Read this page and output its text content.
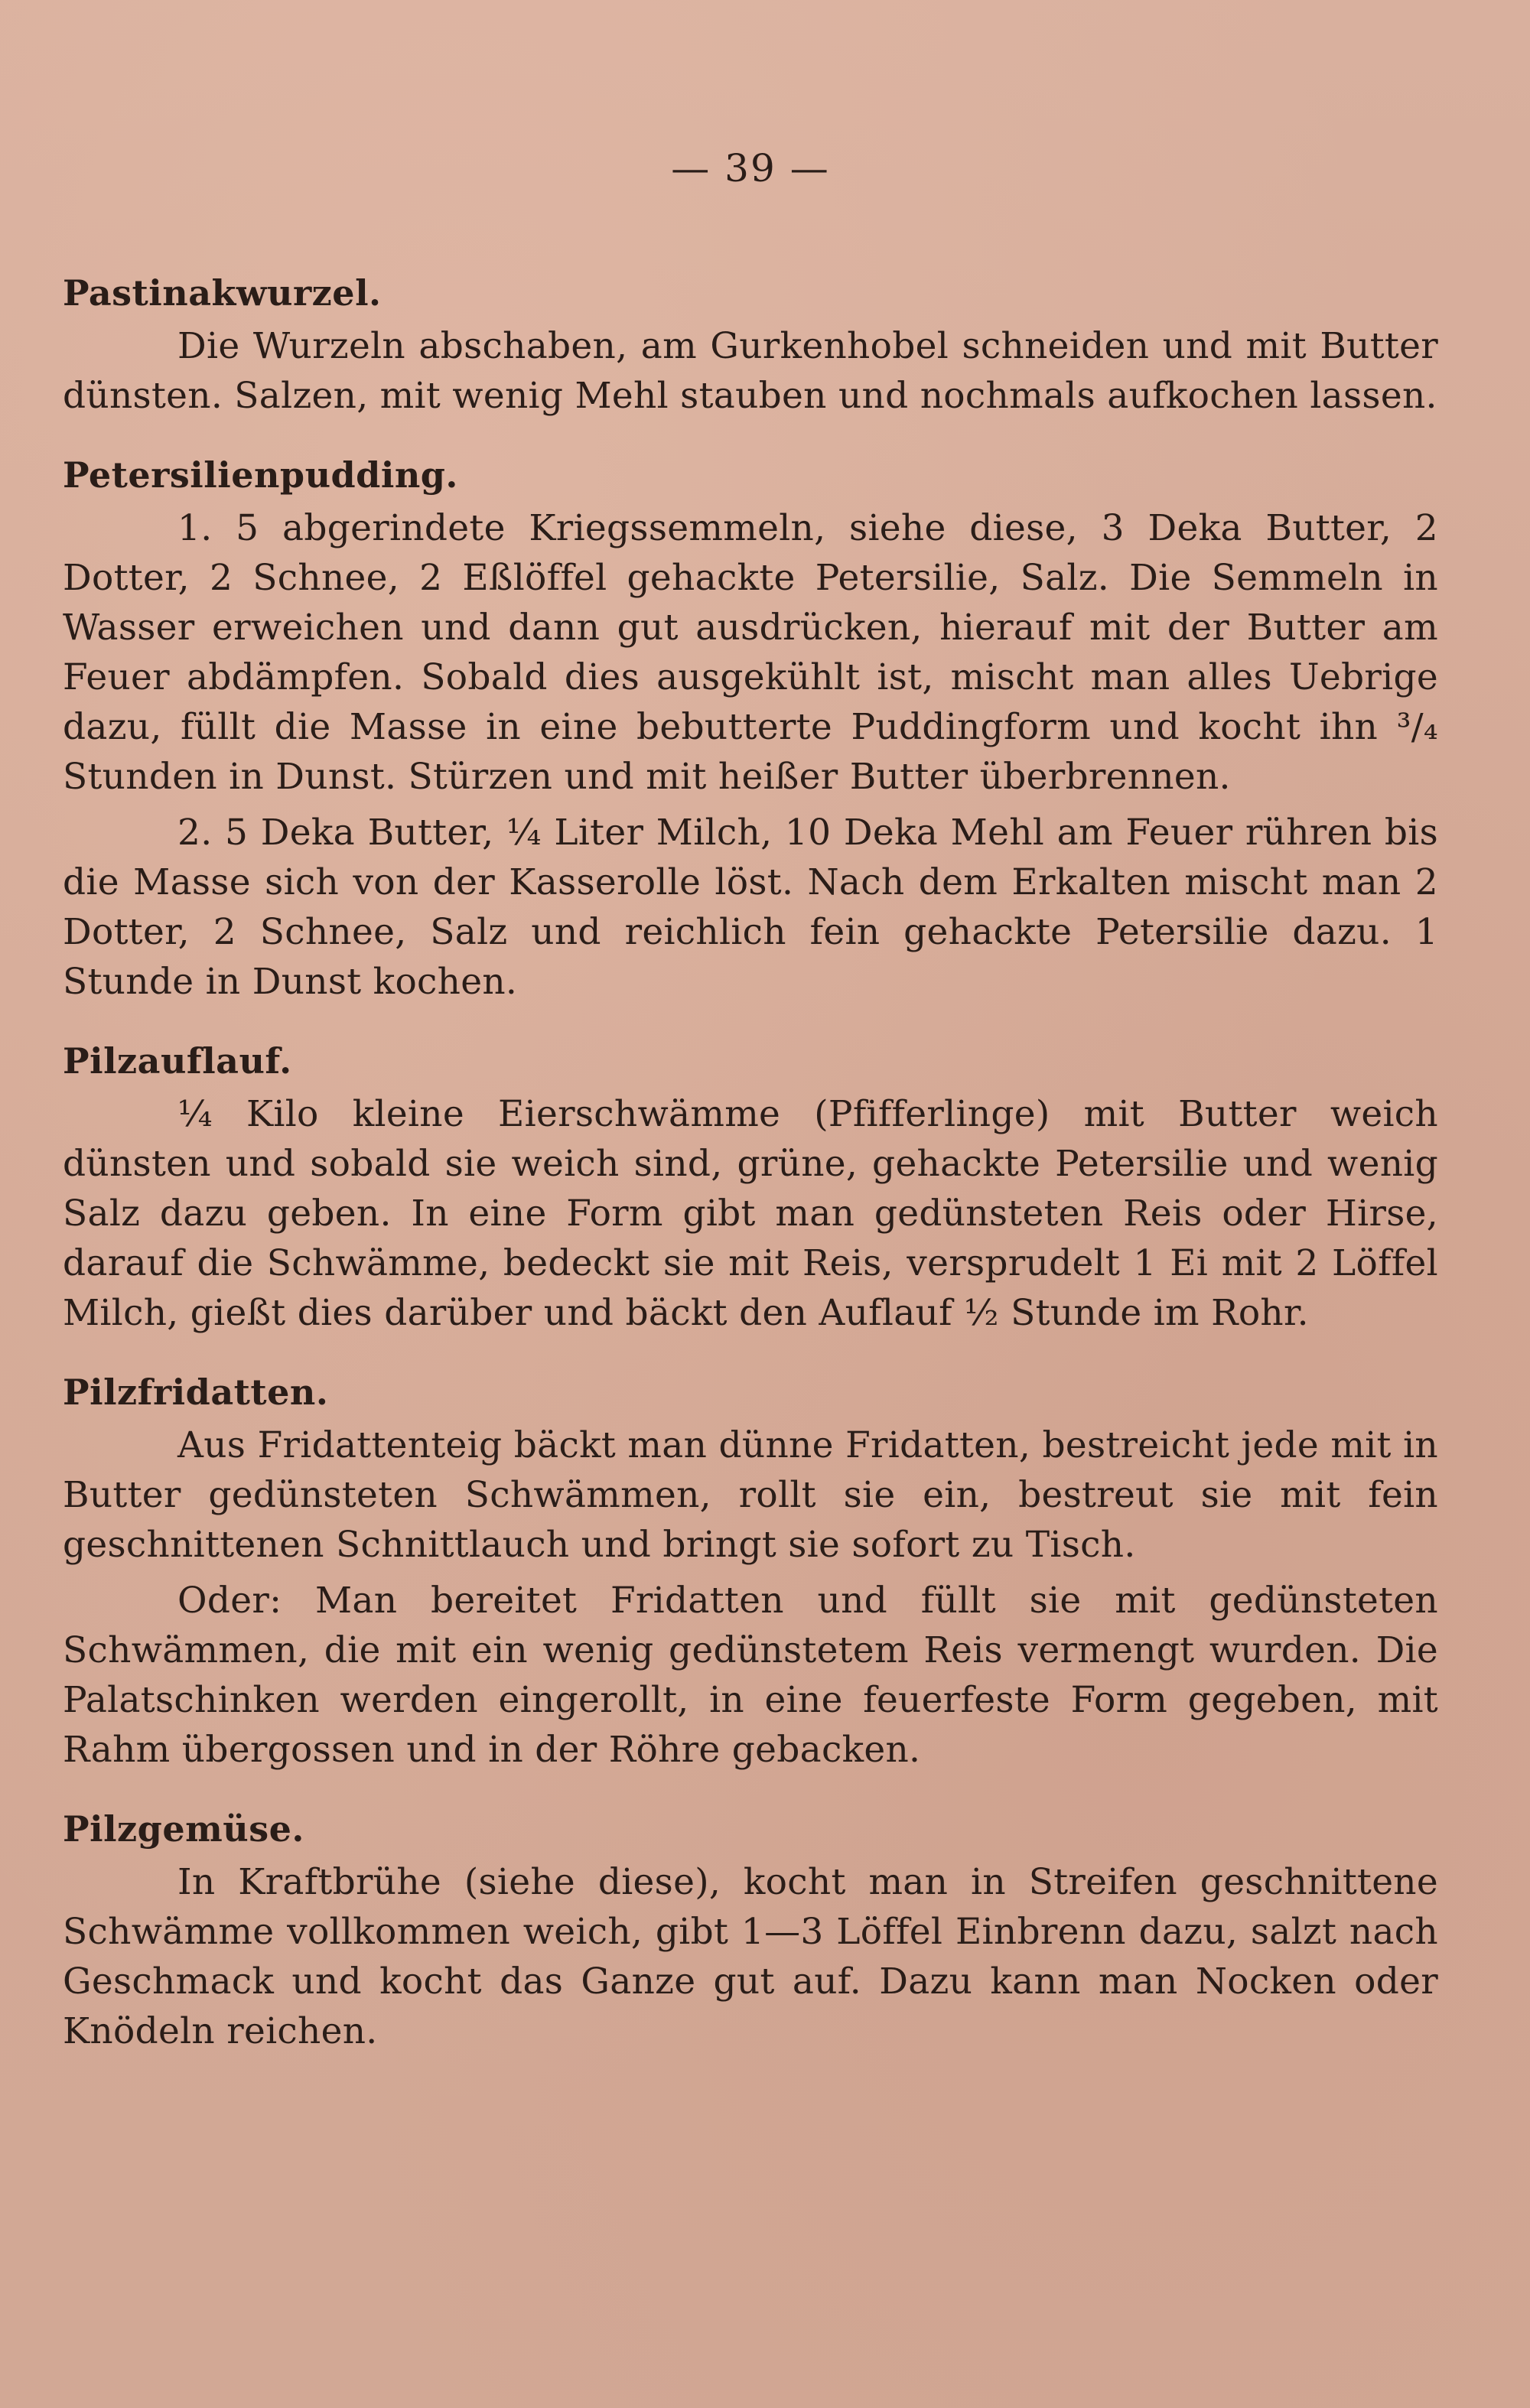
— 39 —
Pastinakwurzel.

Die Wurzeln abschaben, am Gurkenhobel schneiden und mit Butter dünsten. Salzen, mit wenig Mehl stauben und nochmals aufkochen lassen.

Petersilienpudding.

1. 5 abgerindete Kriegssemmeln, siehe diese, 3 Deka Butter, 2 Dotter, 2 Schnee, 2 Eßlöffel gehackte Petersilie, Salz. Die Semmeln in Wasser erweichen und dann gut ausdrücken, hierauf mit der Butter am Feuer abdämpfen. Sobald dies ausgekühlt ist, mischt man alles Uebrige dazu, füllt die Masse in eine bebutterte Puddingform und kocht ihn ³/₄ Stunden in Dunst. Stürzen und mit heißer Butter überbrennen.

2. 5 Deka Butter, ¼ Liter Milch, 10 Deka Mehl am Feuer rühren bis die Masse sich von der Kasserolle löst. Nach dem Erkalten mischt man 2 Dotter, 2 Schnee, Salz und reichlich fein gehackte Petersilie dazu. 1 Stunde in Dunst kochen.

Pilzauflauf.

¼ Kilo kleine Eierschwämme (Pfifferlinge) mit Butter weich dünsten und sobald sie weich sind, grüne, gehackte Petersilie und wenig Salz dazu geben. In eine Form gibt man gedünsteten Reis oder Hirse, darauf die Schwämme, bedeckt sie mit Reis, versprudelt 1 Ei mit 2 Löffel Milch, gießt dies darüber und bäckt den Auflauf ½ Stunde im Rohr.

Pilzfridatten.

Aus Fridattenteig bäckt man dünne Fridatten, bestreicht jede mit in Butter gedünsteten Schwämmen, rollt sie ein, bestreut sie mit fein geschnittenen Schnittlauch und bringt sie sofort zu Tisch.

Oder: Man bereitet Fridatten und füllt sie mit gedünsteten Schwämmen, die mit ein wenig gedünstetem Reis vermengt wurden. Die Palatschinken werden eingerollt, in eine feuerfeste Form gegeben, mit Rahm übergossen und in der Röhre gebacken.

Pilzgemüse.

In Kraftbrühe (siehe diese), kocht man in Streifen geschnittene Schwämme vollkommen weich, gibt 1—3 Löffel Einbrenn dazu, salzt nach Geschmack und kocht das Ganze gut auf. Dazu kann man Nocken oder Knödeln reichen.
